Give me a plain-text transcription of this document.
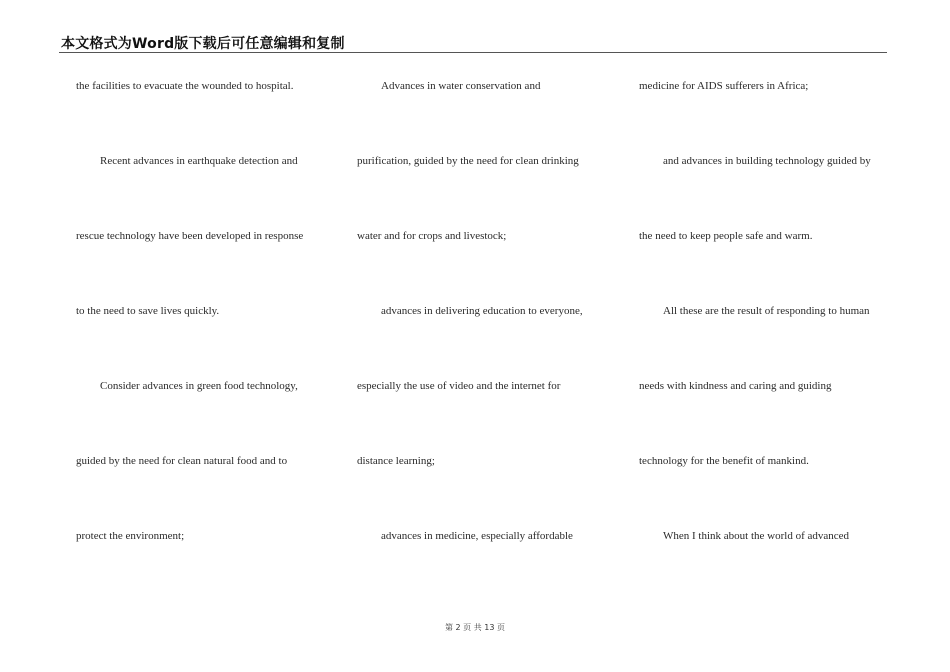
本文格式为Word版下载后可任意编辑和复制
the facilities to evacuate the wounded to hospital.
Recent advances in earthquake detection and
rescue technology have been developed in response
to the need to save lives quickly.
Consider advances in green food technology,
guided by the need for clean natural food and to
protect the environment;
Advances in water conservation and
purification, guided by the need for clean drinking
water and for crops and livestock;
advances in delivering education to everyone,
especially the use of video and the internet for
distance learning;
advances in medicine, especially affordable
medicine for AIDS sufferers in Africa;
and advances in building technology guided by
the need to keep people safe and warm.
All these are the result of responding to human
needs with kindness and caring and guiding
technology for the benefit of mankind.
When I think about the world of advanced
第 2 页 共 13 页
